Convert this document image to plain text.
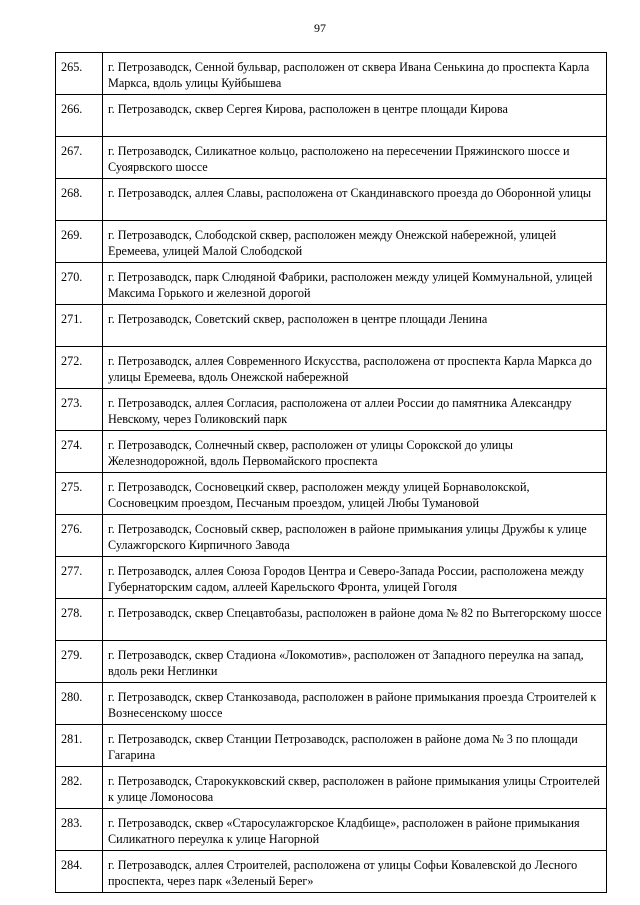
97
265.	г. Петрозаводск, Сенной бульвар, расположен от сквера Ивана Сенькина до проспекта Карла Маркса, вдоль улицы Куйбышева
266.	г. Петрозаводск, сквер Сергея Кирова, расположен в центре площади Кирова
267.	г. Петрозаводск, Силикатное кольцо, расположено на пересечении Пряжинского шоссе и Суоярвского шоссе
268.	г. Петрозаводск, аллея Славы, расположена от Скандинавского проезда до Оборонной улицы
269.	г. Петрозаводск, Слободской сквер, расположен между Онежской набережной, улицей Еремеева, улицей Малой Слободской
270.	г. Петрозаводск, парк Слюдяной Фабрики, расположен между улицей Коммунальной, улицей Максима Горького и железной дорогой
271.	г. Петрозаводск, Советский сквер, расположен в центре площади Ленина
272.	г. Петрозаводск, аллея Современного Искусства, расположена от проспекта Карла Маркса до улицы Еремеева, вдоль Онежской набережной
273.	г. Петрозаводск, аллея Согласия, расположена от аллеи России до памятника Александру Невскому, через Голиковский парк
274.	г. Петрозаводск, Солнечный сквер, расположен от улицы Сорокской до улицы Железнодорожной, вдоль Первомайского проспекта
275.	г. Петрозаводск, Сосновецкий сквер, расположен между улицей Борнаволокской, Сосновецким проездом, Песчаным проездом, улицей Любы Тумановой
276.	г. Петрозаводск, Сосновый сквер, расположен в районе примыкания улицы Дружбы к улице Сулажгорского Кирпичного Завода
277.	г. Петрозаводск, аллея Союза Городов Центра и Северо-Запада России, расположена между Губернаторским садом, аллеей Карельского Фронта, улицей Гоголя
278.	г. Петрозаводск, сквер Спецавтобазы, расположен в районе дома № 82 по Вытегорскому шоссе
279.	г. Петрозаводск, сквер Стадиона «Локомотив», расположен от Западного переулка на запад, вдоль реки Неглинки
280.	г. Петрозаводск, сквер Станкозавода, расположен в районе примыкания проезда Строителей к Вознесенскому шоссе
281.	г. Петрозаводск, сквер Станции Петрозаводск, расположен в районе дома № 3 по площади Гагарина
282.	г. Петрозаводск, Старокукковский сквер, расположен в районе примыкания улицы Строителей к улице Ломоносова
283.	г. Петрозаводск, сквер «Старосулажгорское Кладбище», расположен в районе примыкания Силикатного переулка к улице Нагорной
284.	г. Петрозаводск, аллея Строителей, расположена от улицы Софьи Ковалевской до Лесного проспекта, через парк «Зеленый Берег»
